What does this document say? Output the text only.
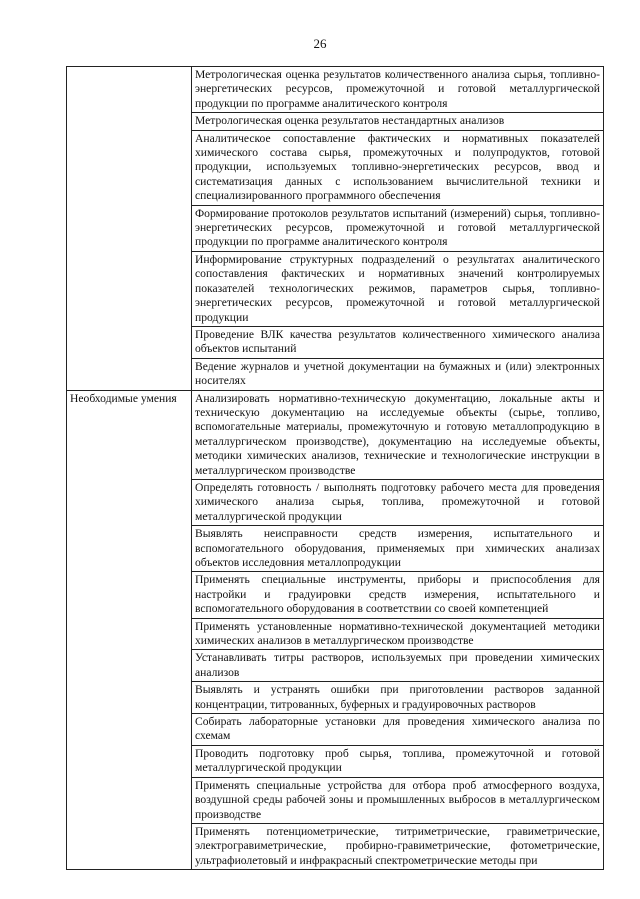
26
	Метрологическая оценка результатов количественного анализа сырья, топливно-энергетических ресурсов, промежуточной и готовой металлургической продукции по программе аналитического контроля
	Метрологическая оценка результатов нестандартных анализов
	Аналитическое сопоставление фактических и нормативных показателей химического состава сырья, промежуточных и полупродуктов, готовой продукции, используемых топливно-энергетических ресурсов, ввод и систематизация данных с использованием вычислительной техники и специализированного программного обеспечения
	Формирование протоколов результатов испытаний (измерений) сырья, топливно-энергетических ресурсов, промежуточной и готовой металлургической продукции по программе аналитического контроля
	Информирование структурных подразделений о результатах аналитического сопоставления фактических и нормативных значений контролируемых показателей технологических режимов, параметров сырья, топливно-энергетических ресурсов, промежуточной и готовой металлургической продукции
	Проведение ВЛК качества результатов количественного химического анализа объектов испытаний
	Ведение журналов и учетной документации на бумажных и (или) электронных носителях
Необходимые умения	Анализировать нормативно-техническую документацию, локальные акты и техническую документацию на исследуемые объекты (сырье, топливо, вспомогательные материалы, промежуточную и готовую металлопродукцию в металлургическом производстве), документацию на исследуемые объекты, методики химических анализов, технические и технологические инструкции в металлургическом производстве
	Определять готовность / выполнять подготовку рабочего места для проведения химического анализа сырья, топлива, промежуточной и готовой металлургической продукции
	Выявлять неисправности средств измерения, испытательного и вспомогательного оборудования, применяемых при химических анализах объектов исследовния металлопродукции
	Применять специальные инструменты, приборы и приспособления для настройки и градуировки средств измерения, испытательного и вспомогательного оборудования в соответствии со своей компетенцией
	Применять установленные нормативно-технической документацией методики химических анализов в металлургическом производстве
	Устанавливать титры растворов, используемых при проведении химических анализов
	Выявлять и устранять ошибки при приготовлении растворов заданной концентрации, титрованных, буферных и градуировочных растворов
	Собирать лабораторные установки для проведения химического анализа по схемам
	Проводить подготовку проб сырья, топлива, промежуточной и готовой металлургической продукции
	Применять специальные устройства для отбора проб атмосферного воздуха, воздушной среды рабочей зоны и промышленных выбросов в металлургическом производстве
	Применять потенциометрические, титриметрические, гравиметрические, электрогравиметрические, пробирно-гравиметрические, фотометрические, ультрафиолетовый и инфракрасный спектрометрические методы при
